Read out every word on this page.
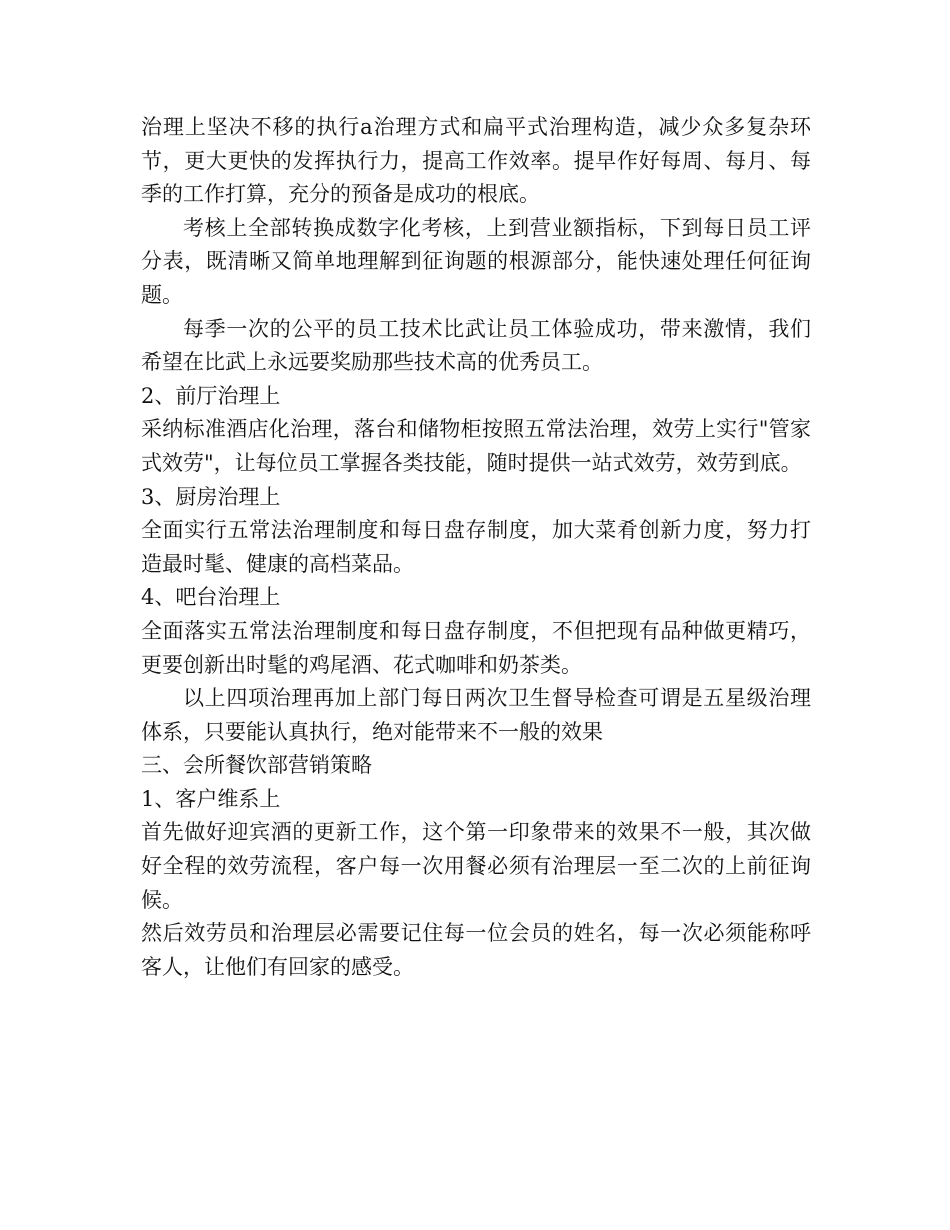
治理上坚决不移的执行a治理方式和扁平式治理构造，减少众多复杂环节，更大更快的发挥执行力，提高工作效率。提早作好每周、每月、每季的工作打算，充分的预备是成功的根底。

考核上全部转换成数字化考核，上到营业额指标，下到每日员工评分表，既清晰又简单地理解到征询题的根源部分，能快速处理任何征询题。

每季一次的公平的员工技术比武让员工体验成功，带来激情，我们希望在比武上永远要奖励那些技术高的优秀员工。

2、前厅治理上

采纳标准酒店化治理，落台和储物柜按照五常法治理，效劳上实行"管家式效劳"，让每位员工掌握各类技能，随时提供一站式效劳，效劳到底。

3、厨房治理上

全面实行五常法治理制度和每日盘存制度，加大菜肴创新力度，努力打造最时髦、健康的高档菜品。

4、吧台治理上

全面落实五常法治理制度和每日盘存制度，不但把现有品种做更精巧，更要创新出时髦的鸡尾酒、花式咖啡和奶茶类。

以上四项治理再加上部门每日两次卫生督导检查可谓是五星级治理体系，只要能认真执行，绝对能带来不一般的效果

三、会所餐饮部营销策略

1、客户维系上

首先做好迎宾酒的更新工作，这个第一印象带来的效果不一般，其次做好全程的效劳流程，客户每一次用餐必须有治理层一至二次的上前征询候。

然后效劳员和治理层必需要记住每一位会员的姓名，每一次必须能称呼客人，让他们有回家的感受。
